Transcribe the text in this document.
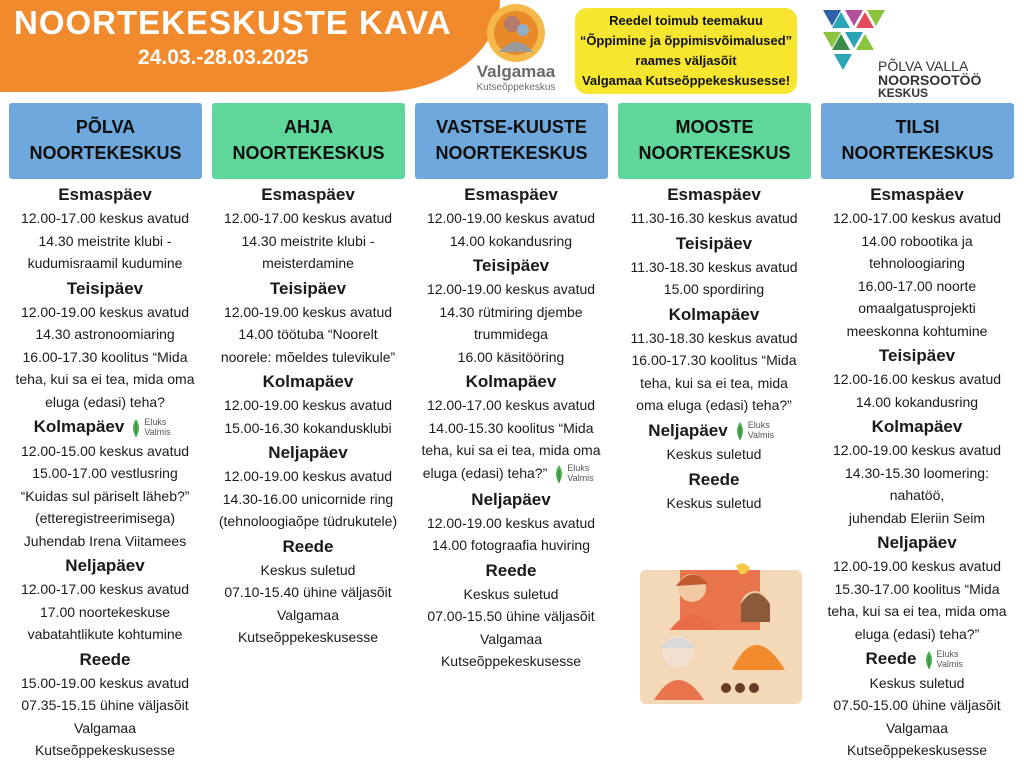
NOORTEKESKUSTE KAVA
24.03.-28.03.2025
Valgamaa
Kutseõppekeskus
Reedel toimub teemakuu
“Õppimine ja õppimisvõimalused”
raames väljasõit
Valgamaa Kutseõppekeskusesse!
PÕLVA VALLA
NOORSOOTÖÖ
KESKUS
PÕLVA
NOORTEKESKUS
AHJA
NOORTEKESKUS
VASTSE-KUUSTE
NOORTEKESKUS
MOOSTE
NOORTEKESKUS
TILSI
NOORTEKESKUS
Esmaspäev
12.00-17.00 keskus avatud
14.30 meistrite klubi -
kudumisraamil kudumine
Teisipäev
12.00-19.00 keskus avatud
14.30 astronoomiaring
16.00-17.30 koolitus “Mida
teha, kui sa ei tea, mida oma
eluga (edasi) teha?
Kolmapäev Eluks
Valmis
12.00-15.00 keskus avatud
15.00-17.00 vestlusring
“Kuidas sul päriselt läheb?”
(etteregistreerimisega)
Juhendab Irena Viitamees
Neljapäev
12.00-17.00 keskus avatud
17.00 noortekeskuse
vabatahtlikute kohtumine
Reede
15.00-19.00 keskus avatud
07.35-15.15 ühine väljasõit
Valgamaa
Kutseõppekeskusesse
Esmaspäev
12.00-17.00 keskus avatud
14.30 meistrite klubi -
meisterdamine
Teisipäev
12.00-19.00 keskus avatud
14.00 töötuba “Noorelt
noorele: mõeldes tulevikule”
Kolmapäev
12.00-19.00 keskus avatud
15.00-16.30 kokandusklubi
Neljapäev
12.00-19.00 keskus avatud
14.30-16.00 unicornide ring
(tehnoloogiaõpe tüdrukutele)
Reede
Keskus suletud
07.10-15.40 ühine väljasõit
Valgamaa
Kutseõppekeskusesse
Esmaspäev
12.00-19.00 keskus avatud
14.00 kokandusring
Teisipäev
12.00-19.00 keskus avatud
14.30 rütmiring djembe
trummidega
16.00 käsitööring
Kolmapäev
12.00-17.00 keskus avatud
14.00-15.30 koolitus “Mida
teha, kui sa ei tea, mida oma
eluga (edasi) teha?” Eluks
Valmis
Neljapäev
12.00-19.00 keskus avatud
14.00 fotograafia huviring
Reede
Keskus suletud
07.00-15.50 ühine väljasõit
Valgamaa
Kutseõppekeskusesse
Esmaspäev
11.30-16.30 keskus avatud
Teisipäev
11.30-18.30 keskus avatud
15.00 spordiring
Kolmapäev
11.30-18.30 keskus avatud
16.00-17.30 koolitus “Mida
teha, kui sa ei tea, mida
oma eluga (edasi) teha?”
Neljapäev Eluks
Valmis
Keskus suletud
Reede
Keskus suletud
Esmaspäev
12.00-17.00 keskus avatud
14.00 robootika ja
tehnoloogiaring
16.00-17.00 noorte
omaalgatusprojekti
meeskonna kohtumine
Teisipäev
12.00-16.00 keskus avatud
14.00 kokandusring
Kolmapäev
12.00-19.00 keskus avatud
14.30-15.30 loomering:
nahatöö,
juhendab Eleriin Seim
Neljapäev
12.00-19.00 keskus avatud
15.30-17.00 koolitus “Mida
teha, kui sa ei tea, mida oma
eluga (edasi) teha?”
Reede Eluks
Valmis
Keskus suletud
07.50-15.00 ühine väljasõit
Valgamaa
Kutseõppekeskusesse
